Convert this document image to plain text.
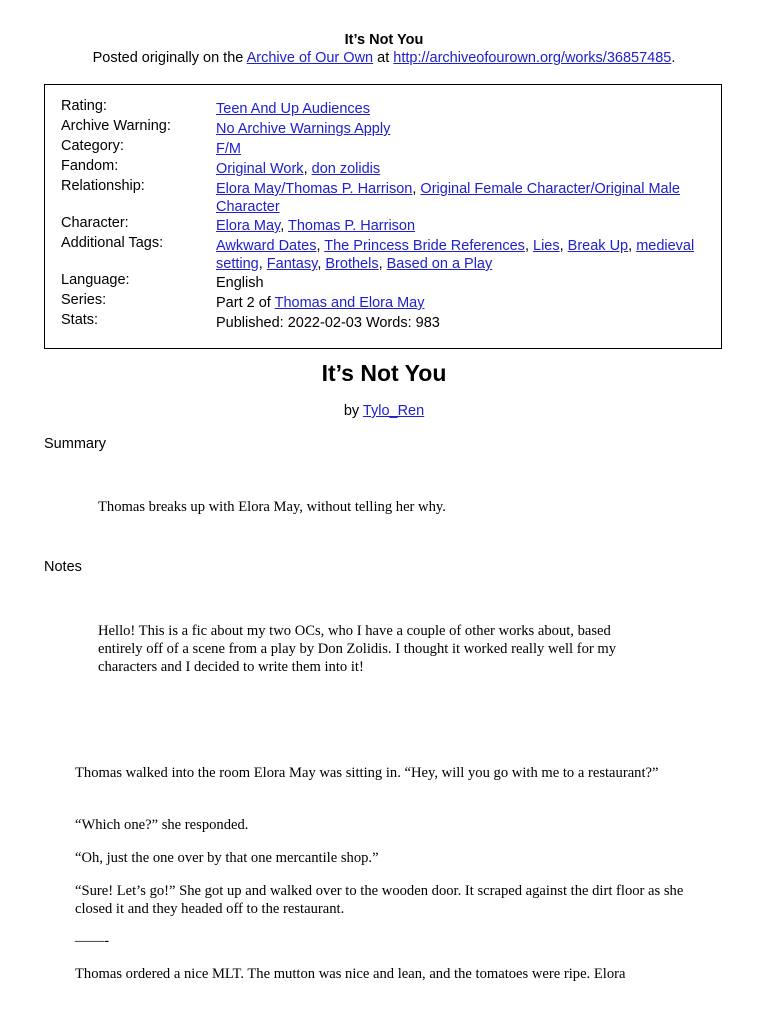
It’s Not You
Posted originally on the Archive of Our Own at http://archiveofourown.org/works/36857485.
Rating:	Teen And Up Audiences
Archive Warning:	No Archive Warnings Apply
Category:	F/M
Fandom:	Original Work, don zolidis
Relationship:	Elora May/Thomas P. Harrison, Original Female Character/Original Male Character
Character:	Elora May, Thomas P. Harrison
Additional Tags:	Awkward Dates, The Princess Bride References, Lies, Break Up, medieval setting, Fantasy, Brothels, Based on a Play
Language:	English
Series:	Part 2 of Thomas and Elora May
Stats:	Published: 2022-02-03 Words: 983
It’s Not You
by Tylo_Ren
Summary
Thomas breaks up with Elora May, without telling her why.
Notes
Hello! This is a fic about my two OCs, who I have a couple of other works about, based entirely off of a scene from a play by Don Zolidis. I thought it worked really well for my characters and I decided to write them into it!
Thomas walked into the room Elora May was sitting in. “Hey, will you go with me to a restaurant?”
“Which one?” she responded.
“Oh, just the one over by that one mercantile shop.”
“Sure! Let’s go!” She got up and walked over to the wooden door. It scraped against the dirt floor as she closed it and they headed off to the restaurant.
——-
Thomas ordered a nice MLT. The mutton was nice and lean, and the tomatoes were ripe. Elora
